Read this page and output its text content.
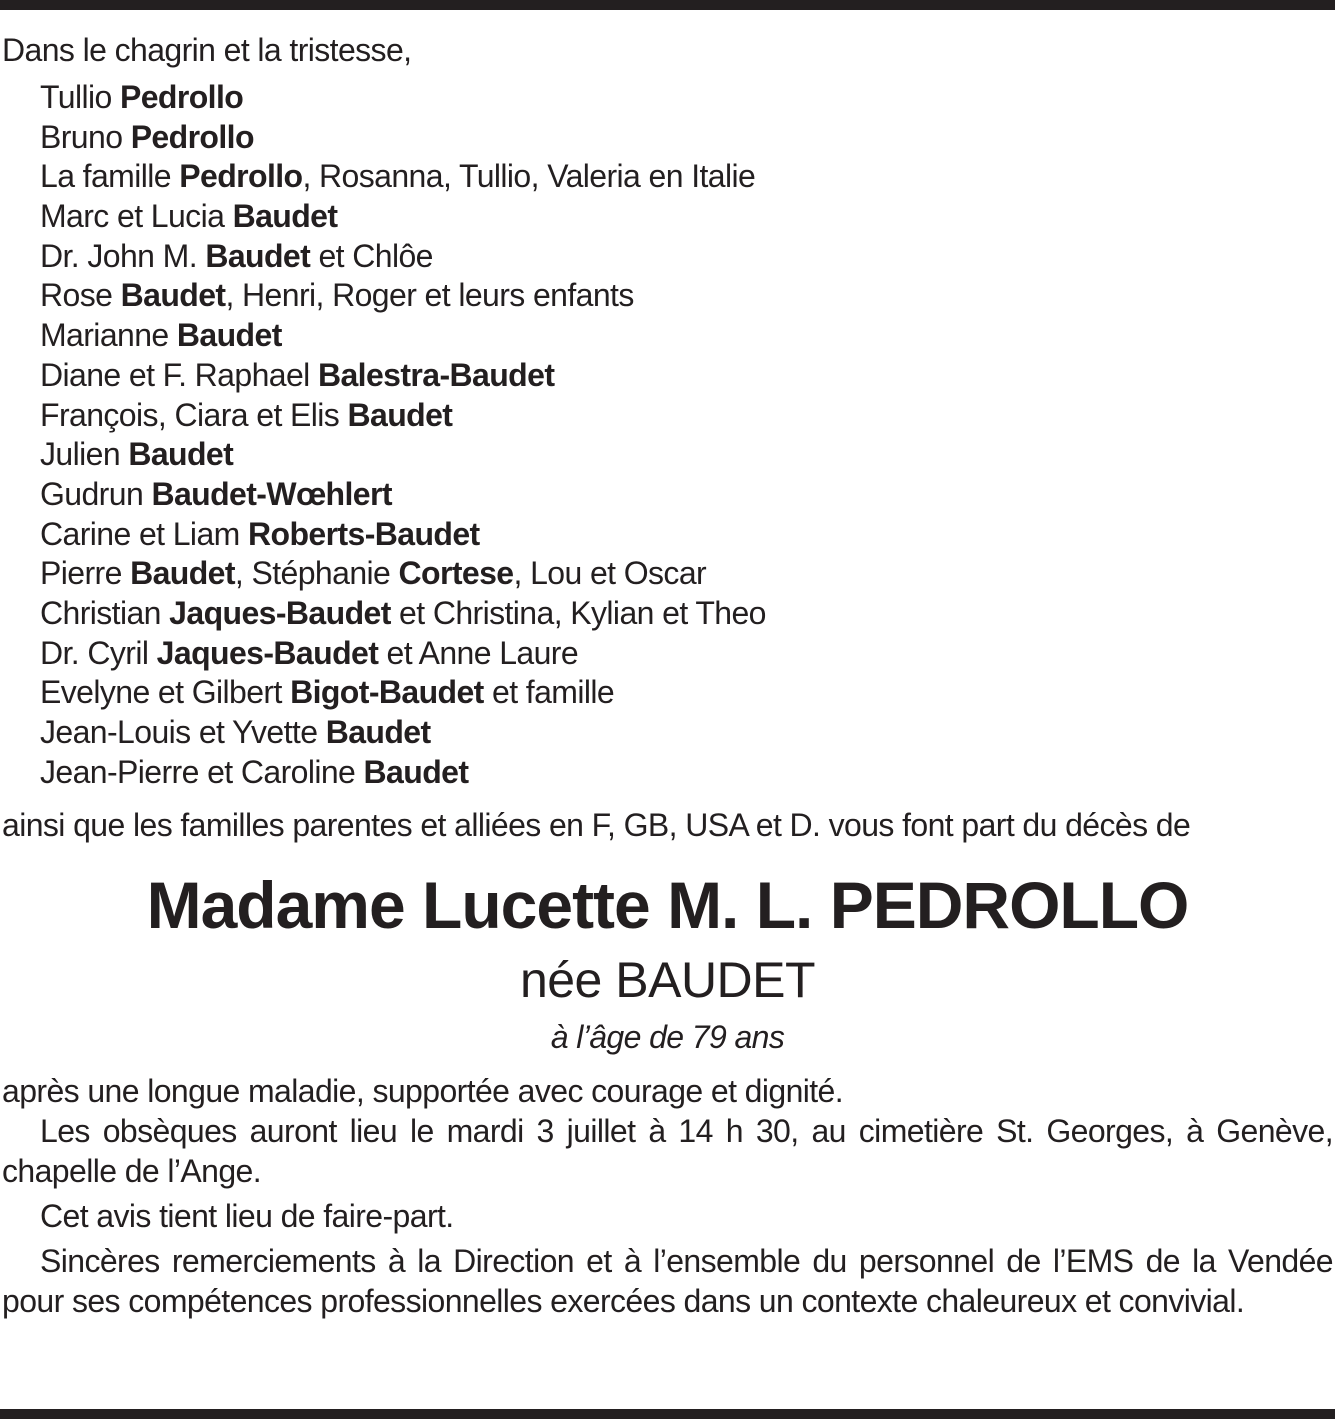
Dans le chagrin et la tristesse,

Tullio Pedrollo
Bruno Pedrollo
La famille Pedrollo, Rosanna, Tullio, Valeria en Italie
Marc et Lucia Baudet
Dr. John M. Baudet et Chlôe
Rose Baudet, Henri, Roger et leurs enfants
Marianne Baudet
Diane et F. Raphael Balestra-Baudet
François, Ciara et Elis Baudet
Julien Baudet
Gudrun Baudet-Wœhlert
Carine et Liam Roberts-Baudet
Pierre Baudet, Stéphanie Cortese, Lou et Oscar
Christian Jaques-Baudet et Christina, Kylian et Theo
Dr. Cyril Jaques-Baudet et Anne Laure
Evelyne et Gilbert Bigot-Baudet et famille
Jean-Louis et Yvette Baudet
Jean-Pierre et Caroline Baudet

ainsi que les familles parentes et alliées en F, GB, USA et D. vous font part du décès de

Madame Lucette M. L. PEDROLLO
née BAUDET
à l’âge de 79 ans

après une longue maladie, supportée avec courage et dignité.

Les obsèques auront lieu le mardi 3 juillet à 14 h 30, au cimetière St. Georges, à Genève, chapelle de l’Ange.

Cet avis tient lieu de faire-part.

Sincères remerciements à la Direction et à l’ensemble du personnel de l’EMS de la Vendée pour ses compétences professionnelles exercées dans un contexte chaleureux et convivial.
